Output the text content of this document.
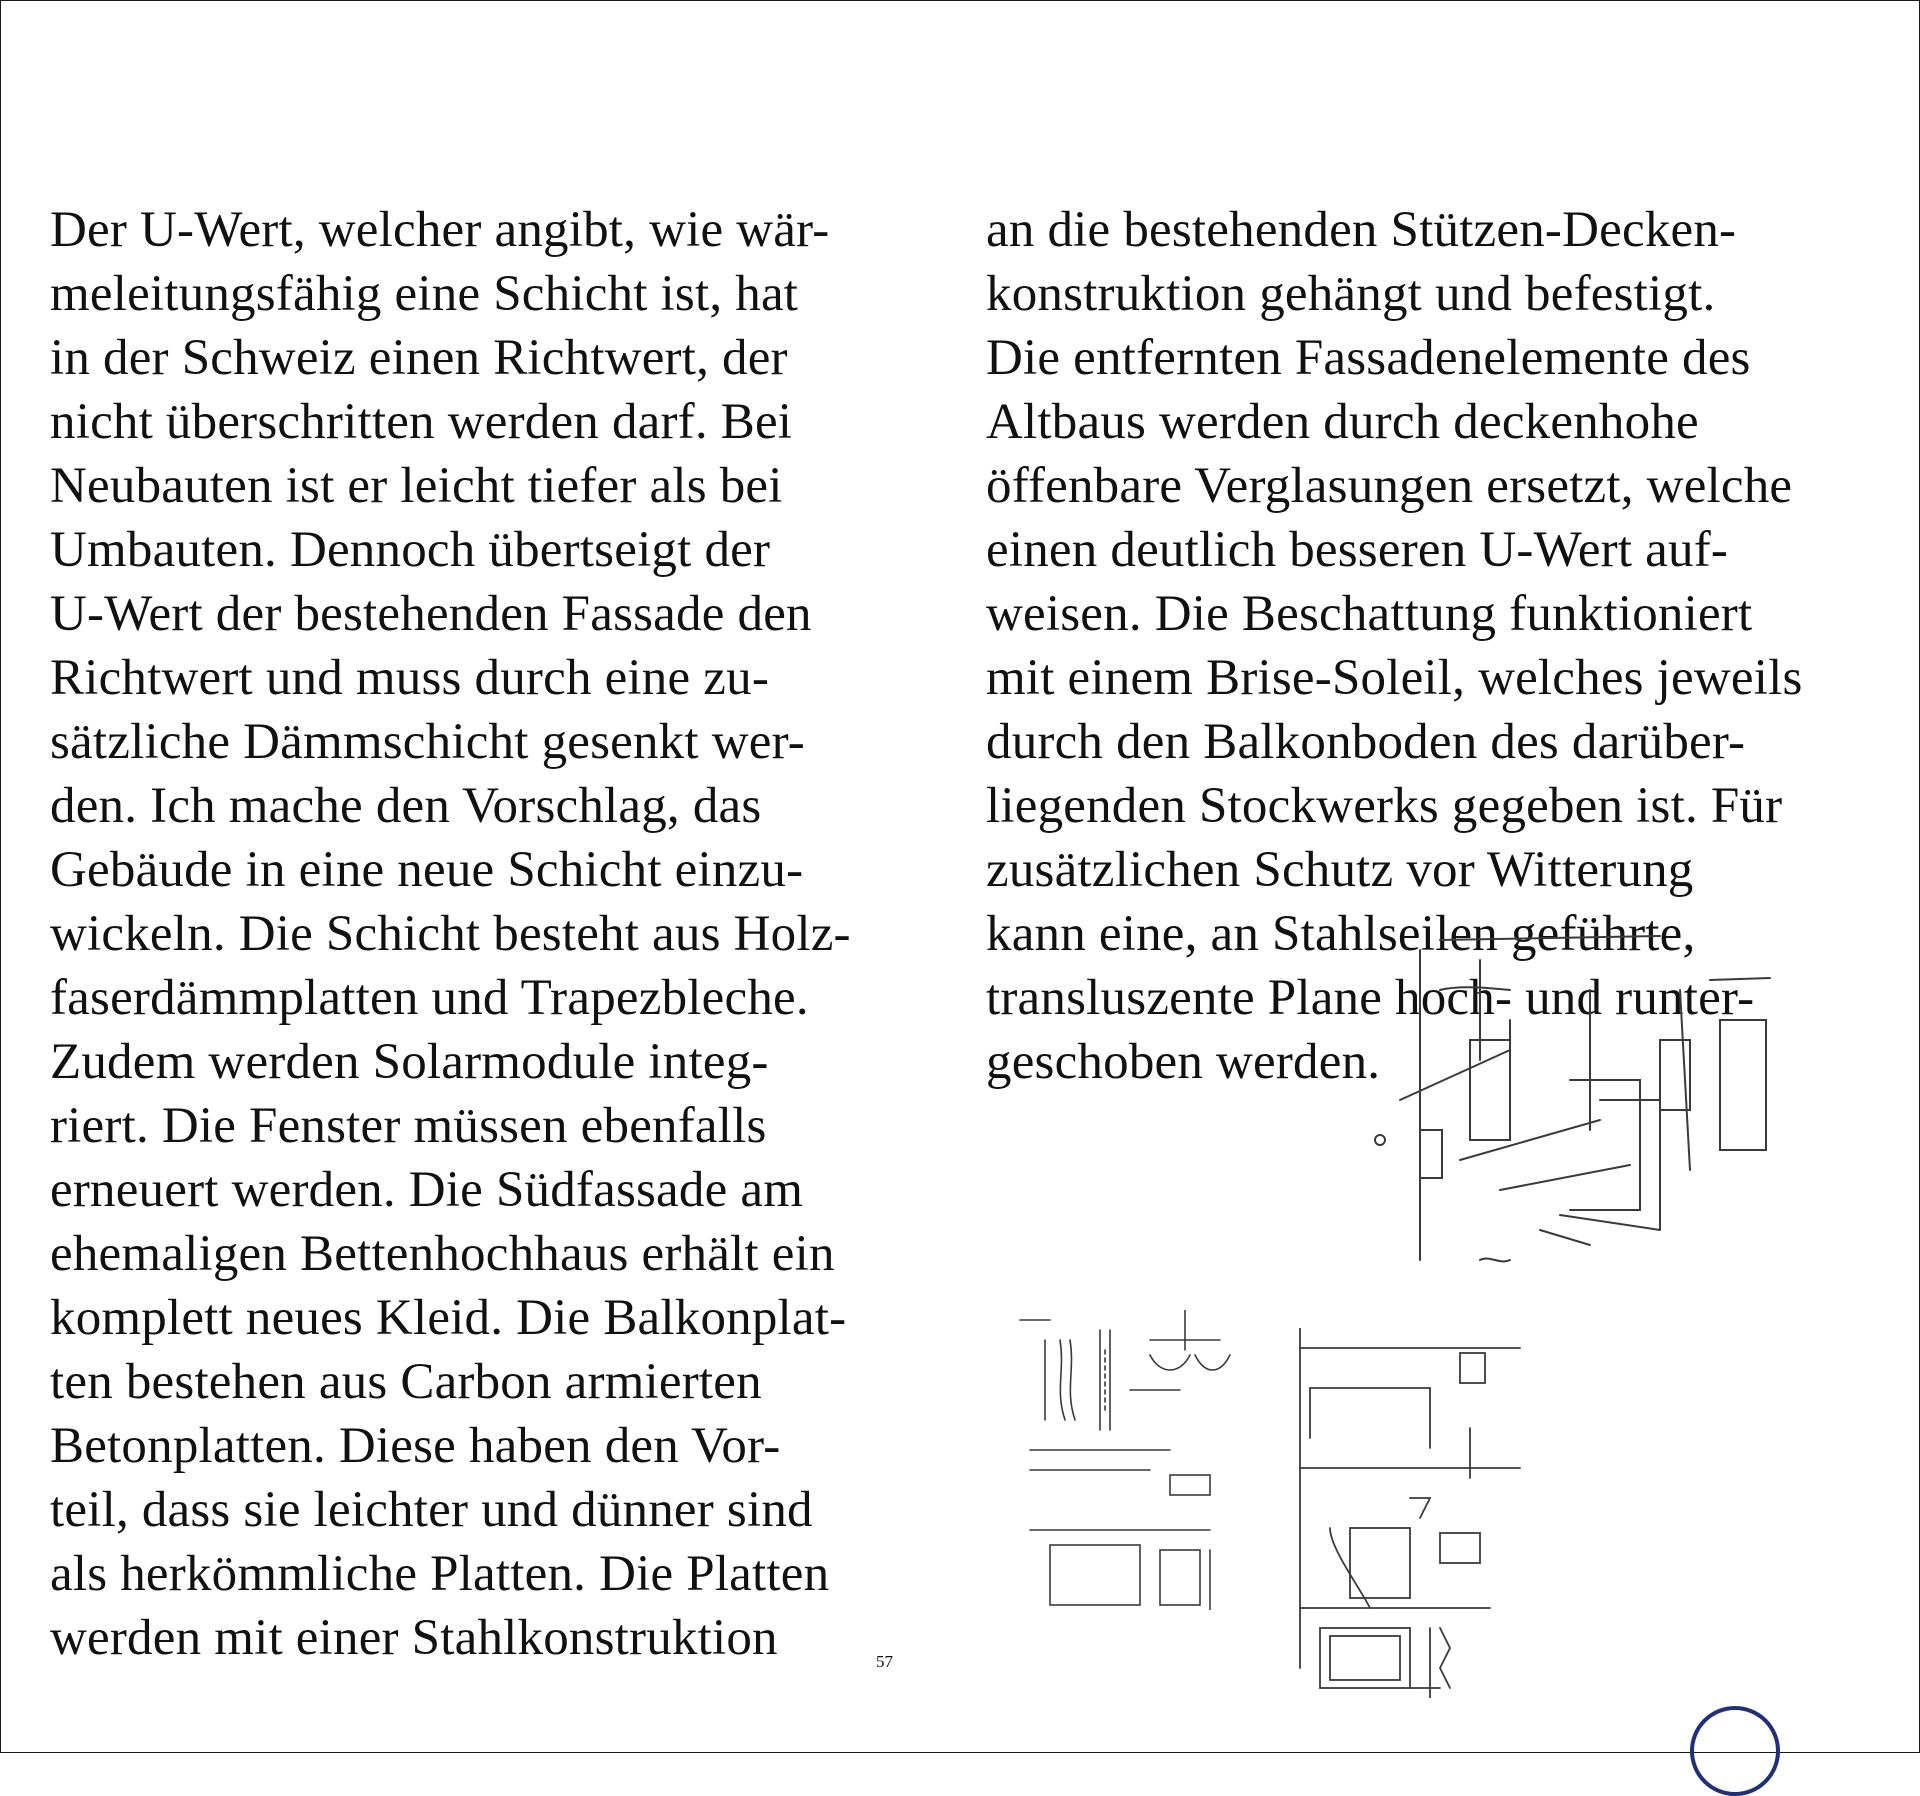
Der U-Wert, welcher angibt, wie wär-
meleitungsfähig eine Schicht ist, hat
in der Schweiz einen Richtwert, der
nicht überschritten werden darf. Bei
Neubauten ist er leicht tiefer als bei
Umbauten. Dennoch übertseigt der
U-Wert der bestehenden Fassade den
Richtwert und muss durch eine zu-
sätzliche Dämmschicht gesenkt wer-
den. Ich mache den Vorschlag, das
Gebäude in eine neue Schicht einzu-
wickeln. Die Schicht besteht aus Holz-
faserdämmplatten und Trapezbleche.
Zudem werden Solarmodule integ-
riert. Die Fenster müssen ebenfalls
erneuert werden. Die Südfassade am
ehemaligen Bettenhochhaus erhält ein
komplett neues Kleid. Die Balkonplat-
ten bestehen aus Carbon armierten
Betonplatten. Diese haben den Vor-
teil, dass sie leichter und dünner sind
als herkömmliche Platten. Die Platten
werden mit einer Stahlkonstruktion
an die bestehenden Stützen-Decken-
konstruktion gehängt und befestigt.
Die entfernten Fassadenelemente des
Altbaus werden durch deckenhohe
öffenbare Verglasungen ersetzt, welche
einen deutlich besseren U-Wert auf-
weisen. Die Beschattung funktioniert
mit einem Brise-Soleil, welches jeweils
durch den Balkonboden des darüber-
liegenden Stockwerks gegeben ist. Für
zusätzlichen Schutz vor Witterung
kann eine, an Stahlseilen geführte,
transluszente Plane hoch- und runter-
geschoben werden.
57
